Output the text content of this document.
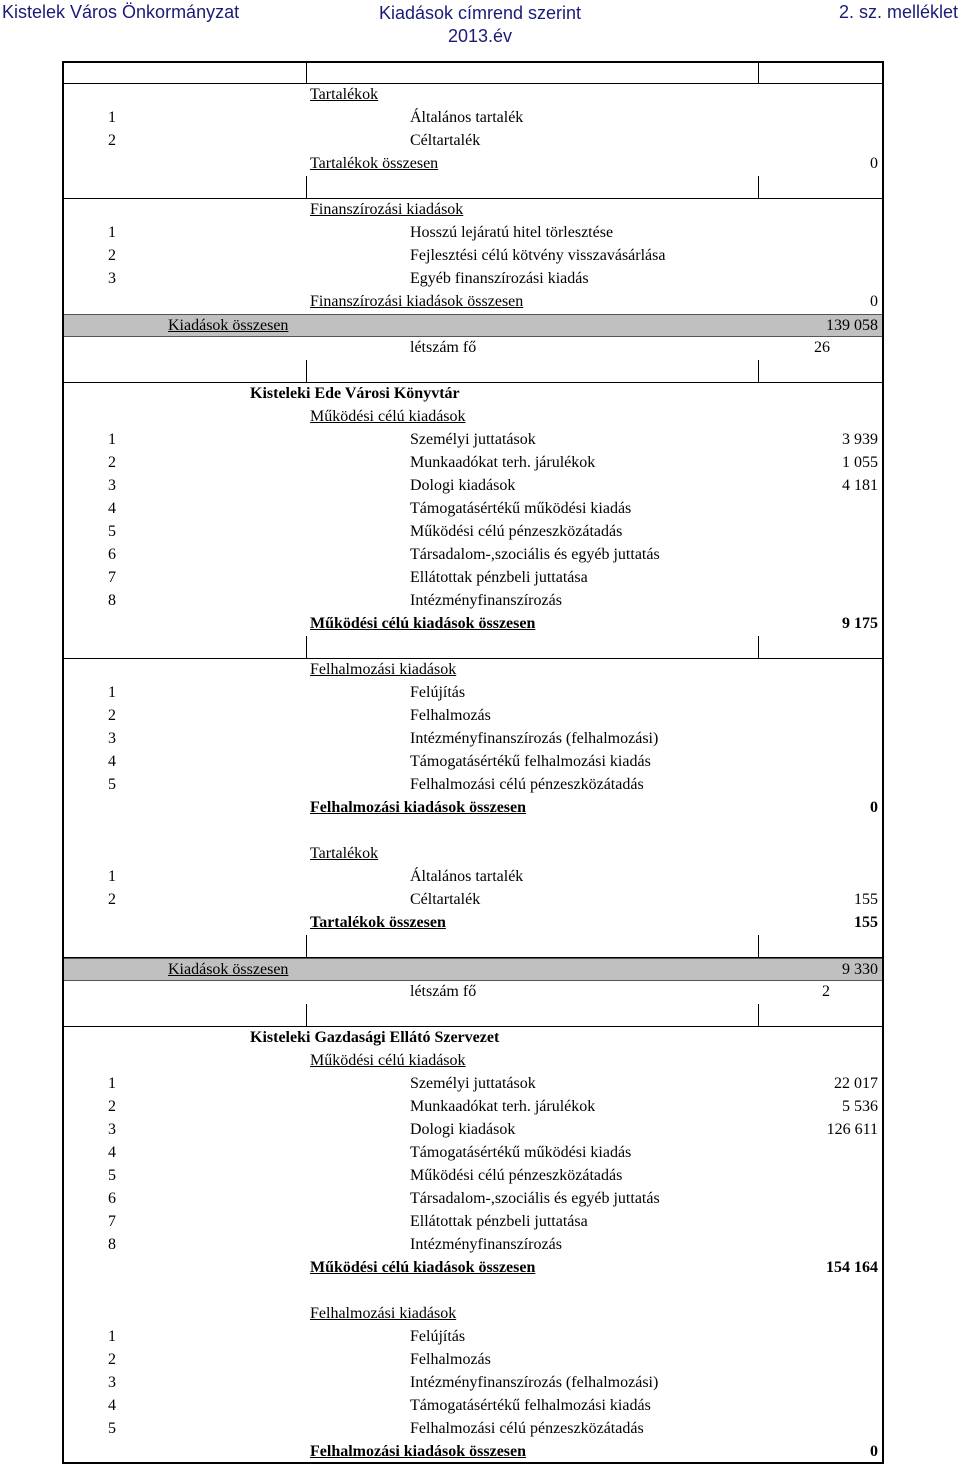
Kistelek Város Önkormányzat	Kiadások címrend szerint
2013.év
2. sz. melléklet
Tartalékok
1	Általános tartalék
2	Céltartalék
Tartalékok összesen	0
Finanszírozási kiadások
1	Hosszú lejáratú hitel törlesztése
2	Fejlesztési célú kötvény visszavásárlása
3	Egyéb finanszírozási kiadás
Finanszírozási kiadások összesen	0
Kiadások összesen	139 058
létszám fő	26
Kisteleki Ede Városi Könyvtár
Működési célú kiadások
1	Személyi juttatások	3 939
2	Munkaadókat terh. járulékok	1 055
3	Dologi kiadások	4 181
4	Támogatásértékű működési kiadás
5	Működési célú pénzeszközátadás
6	Társadalom-,szociális és egyéb juttatás
7	Ellátottak pénzbeli juttatása
8	Intézményfinanszírozás
Működési célú kiadások összesen	9 175
Felhalmozási kiadások
1	Felújítás
2	Felhalmozás
3	Intézményfinanszírozás (felhalmozási)
4	Támogatásértékű felhalmozási kiadás
5	Felhalmozási célú pénzeszközátadás
Felhalmozási kiadások összesen	0
Tartalékok
1	Általános tartalék
2	Céltartalék	155
Tartalékok összesen	155
Kiadások összesen	9 330
létszám fő	2
Kisteleki Gazdasági Ellátó Szervezet
Működési célú kiadások
1	Személyi juttatások	22 017
2	Munkaadókat terh. járulékok	5 536
3	Dologi kiadások	126 611
4	Támogatásértékű működési kiadás
5	Működési célú pénzeszközátadás
6	Társadalom-,szociális és egyéb juttatás
7	Ellátottak pénzbeli juttatása
8	Intézményfinanszírozás
Működési célú kiadások összesen	154 164
Felhalmozási kiadások
1	Felújítás
2	Felhalmozás
3	Intézményfinanszírozás (felhalmozási)
4	Támogatásértékű felhalmozási kiadás
5	Felhalmozási célú pénzeszközátadás
Felhalmozási kiadások összesen	0
